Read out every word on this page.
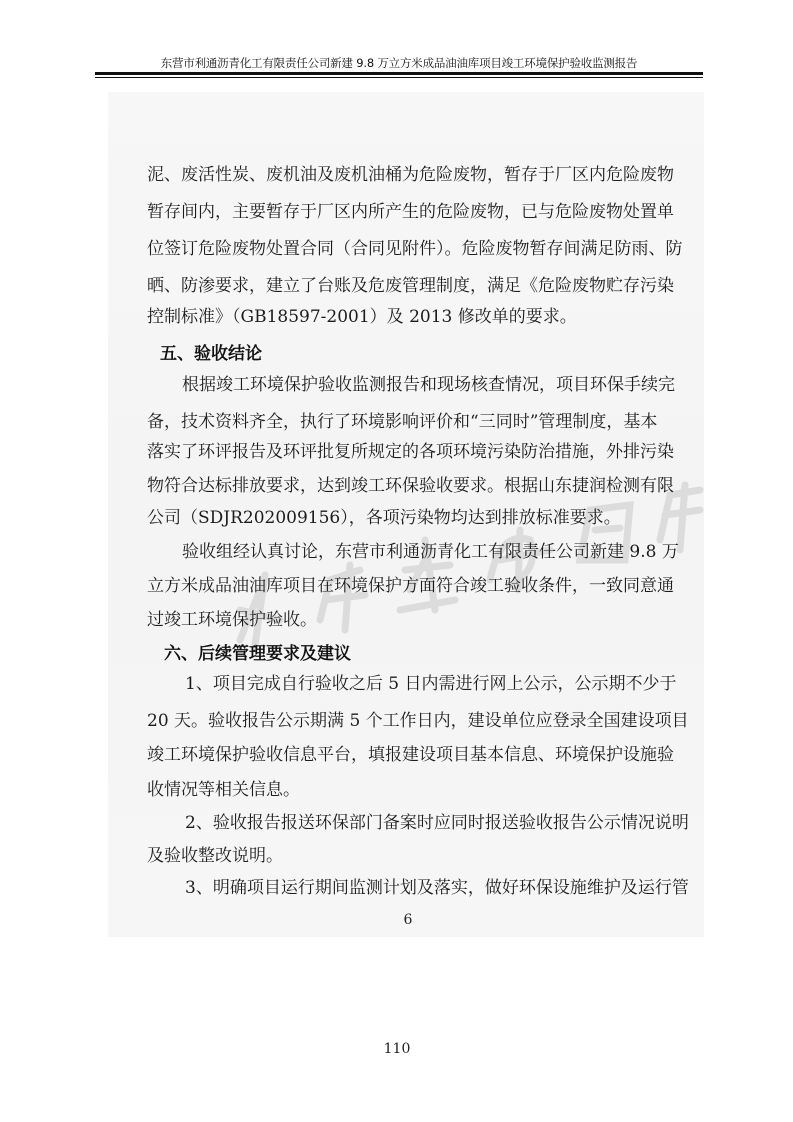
东营市利通沥青化工有限责任公司新建 9.8 万立方米成品油油库项目竣工环境保护验收监测报告
泥、废活性炭、废机油及废机油桶为危险废物，暂存于厂区内危险废物
暂存间内，主要暂存于厂区内所产生的危险废物，已与危险废物处置单
位签订危险废物处置合同（合同见附件）。危险废物暂存间满足防雨、防
晒、防渗要求，建立了台账及危废管理制度，满足《危险废物贮存污染
控制标准》（GB18597-2001）及 2013 修改单的要求。
五、验收结论
根据竣工环境保护验收监测报告和现场核查情况，项目环保手续完
备，技术资料齐全，执行了环境影响评价和“三同时”管理制度，基本
落实了环评报告及环评批复所规定的各项环境污染防治措施，外排污染
物符合达标排放要求，达到竣工环保验收要求。根据山东捷润检测有限
公司（SDJR202009156），各项污染物均达到排放标准要求。
验收组经认真讨论，东营市利通沥青化工有限责任公司新建 9.8 万
立方米成品油油库项目在环境保护方面符合竣工验收条件，一致同意通
过竣工环境保护验收。
六、后续管理要求及建议
1、项目完成自行验收之后 5 日内需进行网上公示，公示期不少于
20 天。验收报告公示期满 5 个工作日内，建设单位应登录全国建设项目
竣工环境保护验收信息平台，填报建设项目基本信息、环境保护设施验
收情况等相关信息。
2、验收报告报送环保部门备案时应同时报送验收报告公示情况说明
及验收整改说明。
3、明确项目运行期间监测计划及落实，做好环保设施维护及运行管
6
110
